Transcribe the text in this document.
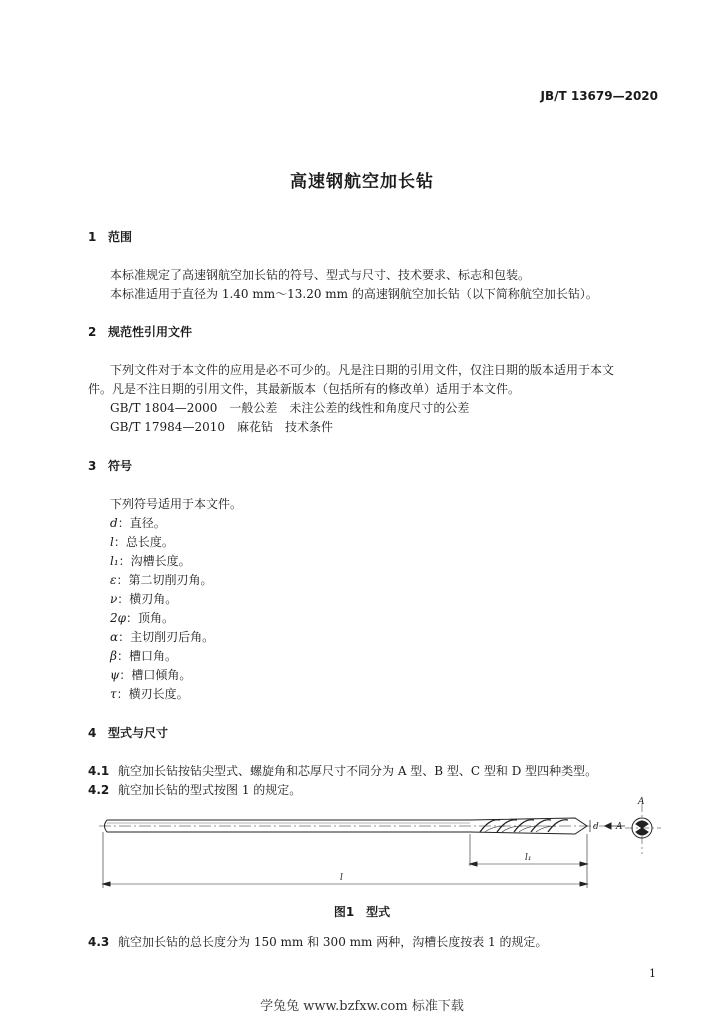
JB/T 13679—2020
高速钢航空加长钻
1 范围
本标准规定了高速钢航空加长钻的符号、型式与尺寸、技术要求、标志和包装。
本标准适用于直径为 1.40 mm～13.20 mm 的高速钢航空加长钻（以下简称航空加长钻）。
2 规范性引用文件
下列文件对于本文件的应用是必不可少的。凡是注日期的引用文件，仅注日期的版本适用于本文
件。凡是不注日期的引用文件，其最新版本（包括所有的修改单）适用于本文件。
GB/T 1804—2000　一般公差　未注公差的线性和角度尺寸的公差
GB/T 17984—2010　麻花钻　技术条件
3 符号
下列符号适用于本文件。
d：直径。
l：总长度。
l₁：沟槽长度。
ε：第二切削刃角。
ν：横刃角。
2φ：顶角。
α：主切削刃后角。
β：槽口角。
ψ：槽口倾角。
τ：横刃长度。
4 型式与尺寸
4.1 航空加长钻按钻尖型式、螺旋角和芯厚尺寸不同分为 A 型、B 型、C 型和 D 型四种类型。
4.2 航空加长钻的型式按图 1 的规定。
d A
A
l₁
l
图1　型式
4.3 航空加长钻的总长度分为 150 mm 和 300 mm 两种，沟槽长度按表 1 的规定。
1
学兔兔 www.bzfxw.com 标准下载
